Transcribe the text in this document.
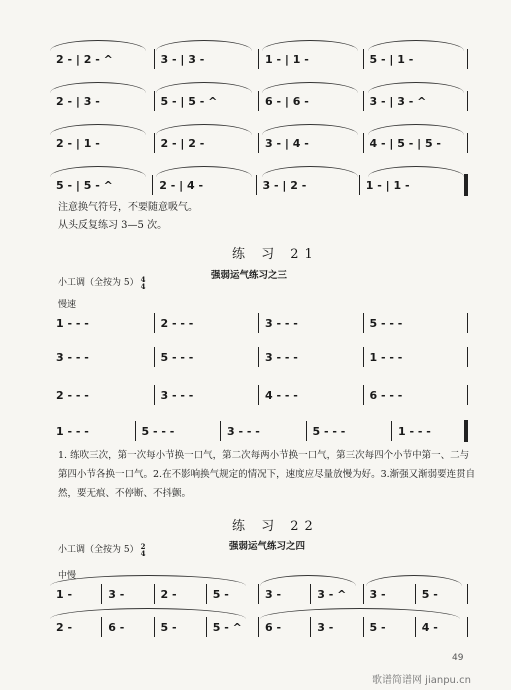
2 - | 2 - ^	3 - | 3 -	1 - | 1 -	5 - | 1 -
2 - | 3 -	5 - | 5 - ^	6 - | 6 -	3 - | 3 - ^
2 - | 1 -	2 - | 2 -	3 - | 4 -	4 - | 5 - | 5 -
5 - | 5 - ^	2 - | 4 -	3 - | 2 -	1 - | 1 -
注意换气符号，不要随意吸气。
从头反复练习 3—5 次。
练 习 21
强弱运气练习之三
小工调（全按为 5） 4
4
慢速
1 - - -	2 - - -	3 - - -	5 - - -
3 - - -	5 - - -	3 - - -	1 - - -
2 - - -	3 - - -	4 - - -	6 - - -
1 - - -	5 - - -	3 - - -	5 - - -	1 - - -
1. 练吹三次，第一次每小节换一口气，第二次每两小节换一口气，第三次每四个小节中第一、二与第四小节各换一口气。2.在不影响换气规定的情况下，速度应尽量放慢为好。3.渐强又渐弱要连贯自然，要无痕、不停断、不抖颤。
练 习 22
强弱运气练习之四
小工调（全按为 5） 2
4
中慢
1 -	3 -	2 -	5 -	3 -	3 - ^	3 -	5 -
2 -	6 -	5 -	5 - ^	6 -	3 -	5 -	4 -
49
歌谱简谱网 jianpu.cn
